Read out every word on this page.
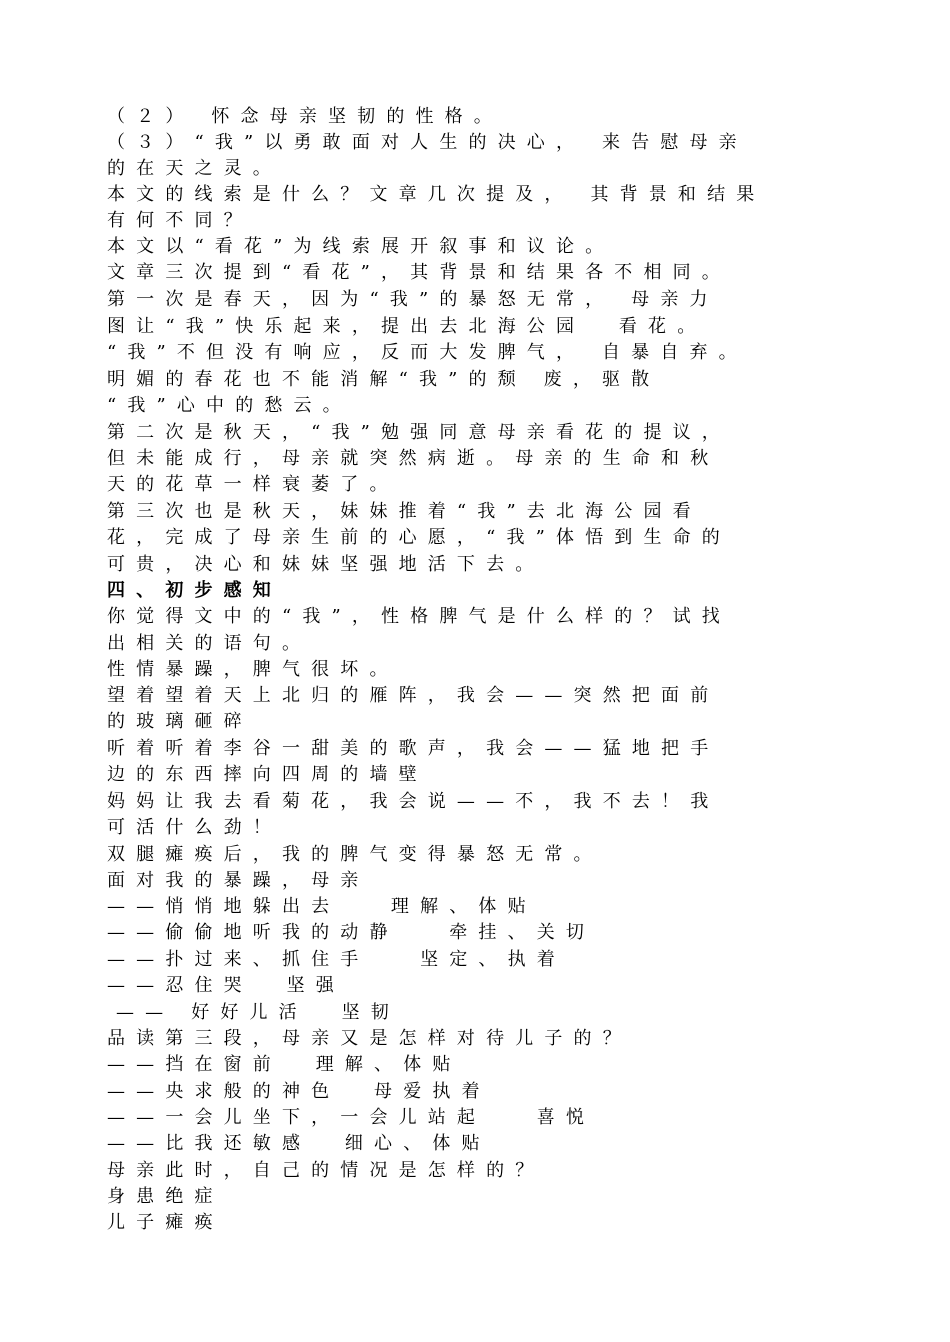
（２） 怀念母亲坚韧的性格。
（３）“我”以勇敢面对人生的决心， 来告慰母亲
的在天之灵。
本文的线索是什么？文章几次提及， 其背景和结果
有何不同？
本文以“看花”为线索展开叙事和议论。
文章三次提到“看花”，其背景和结果各不相同。
第一次是春天，因为“我”的暴怒无常， 母亲力
图让“我”快乐起来，提出去北海公园  看花。
“我”不但没有响应，反而大发脾气， 自暴自弃。
明媚的春花也不能消解“我”的颓 废，驱散
“我”心中的愁云。
第二次是秋天，“我”勉强同意母亲看花的提议，
但未能成行，母亲就突然病逝。母亲的生命和秋
天的花草一样衰萎了。
第三次也是秋天，妹妹推着“我”去北海公园看
花，完成了母亲生前的心愿，“我”体悟到生命的
可贵，决心和妹妹坚强地活下去。
四、初步感知
你觉得文中的“我”，性格脾气是什么样的？试找
出相关的语句。
性情暴躁，脾气很坏。
望着望着天上北归的雁阵，我会——突然把面前
的玻璃砸碎
听着听着李谷一甜美的歌声，我会——猛地把手
边的东西摔向四周的墙壁
妈妈让我去看菊花，我会说——不，我不去！我
可活什么劲！
双腿瘫痪后，我的脾气变得暴怒无常。
面对我的暴躁，母亲
——悄悄地躲出去   理解、体贴
——偷偷地听我的动静   牵挂、关切
——扑过来、抓住手   坚定、执着
——忍住哭  坚强
—— 好好儿活  坚韧
品读第三段，母亲又是怎样对待儿子的？
——挡在窗前  理解、体贴
——央求般的神色  母爱执着
——一会儿坐下，一会儿站起   喜悦
——比我还敏感  细心、体贴
母亲此时，自己的情况是怎样的？
身患绝症
儿子瘫痪
